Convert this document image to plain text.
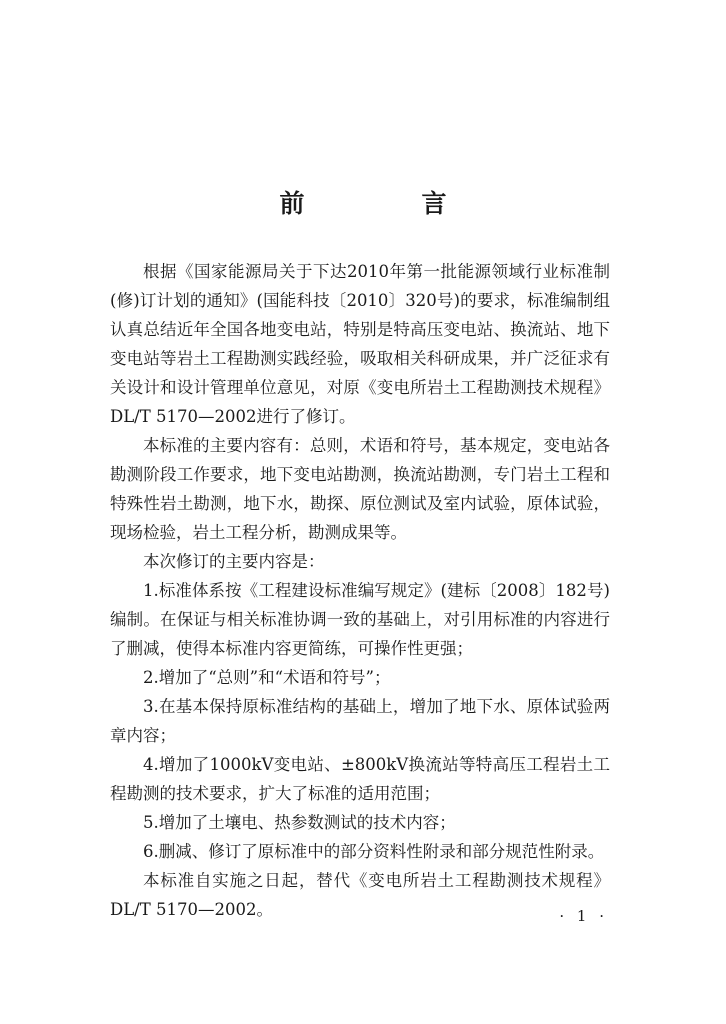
前　言

根据《国家能源局关于下达2010年第一批能源领域行业标准制(修)订计划的通知》(国能科技〔2010〕320号)的要求，标准编制组认真总结近年全国各地变电站，特别是特高压变电站、换流站、地下变电站等岩土工程勘测实践经验，吸取相关科研成果，并广泛征求有关设计和设计管理单位意见，对原《变电所岩土工程勘测技术规程》DL/T 5170—2002进行了修订。

本标准的主要内容有：总则，术语和符号，基本规定，变电站各勘测阶段工作要求，地下变电站勘测，换流站勘测，专门岩土工程和特殊性岩土勘测，地下水，勘探、原位测试及室内试验，原体试验，现场检验，岩土工程分析，勘测成果等。

本次修订的主要内容是：

1.标准体系按《工程建设标准编写规定》(建标〔2008〕182号)编制。在保证与相关标准协调一致的基础上，对引用标准的内容进行了删减，使得本标准内容更简练，可操作性更强；

2.增加了“总则”和“术语和符号”；

3.在基本保持原标准结构的基础上，增加了地下水、原体试验两章内容；

4.增加了1000kV变电站、±800kV换流站等特高压工程岩土工程勘测的技术要求，扩大了标准的适用范围；

5.增加了土壤电、热参数测试的技术内容；

6.删减、修订了原标准中的部分资料性附录和部分规范性附录。

本标准自实施之日起，替代《变电所岩土工程勘测技术规程》DL/T 5170—2002。	· 1 ·
